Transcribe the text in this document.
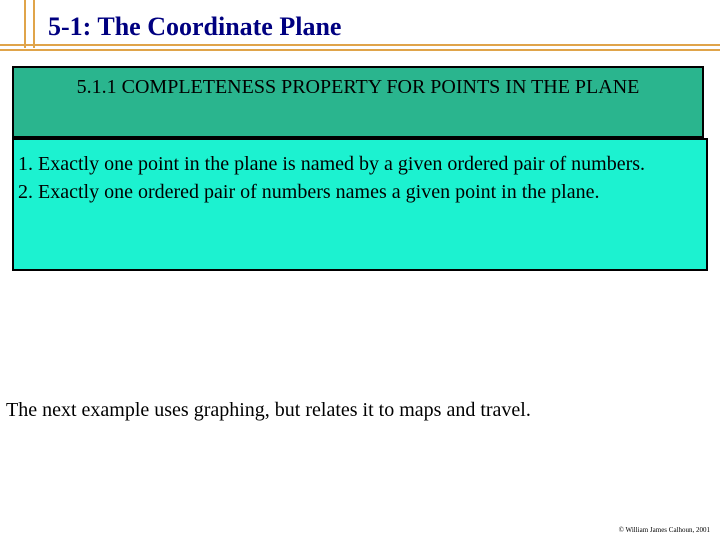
5-1: The Coordinate Plane
5.1.1 COMPLETENESS PROPERTY FOR POINTS IN THE PLANE

1. Exactly one point in the plane is named by a given ordered pair of numbers.

2. Exactly one ordered pair of numbers names a given point in the plane.

The next example uses graphing, but relates it to maps and travel.
© William James Calhoun, 2001
